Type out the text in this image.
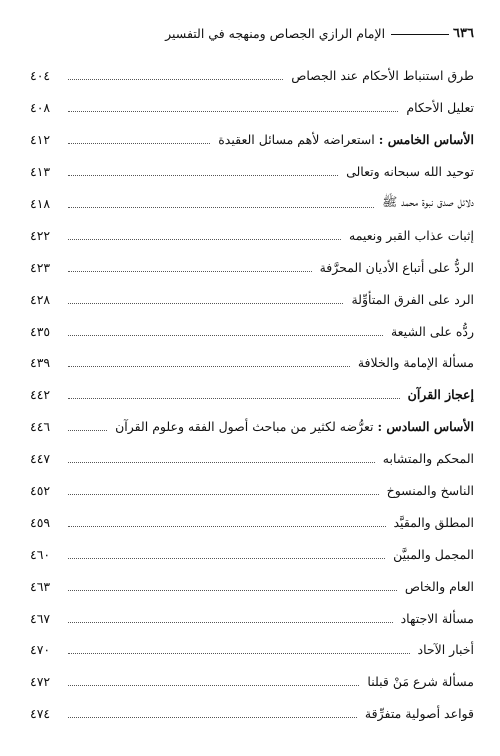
٦٣٦
الإمام الرازي الجصاص ومنهجه في التفسير
طرق استنباط الأحكام عند الجصاص
٤٠٤
تعليل الأحكام
٤٠٨
الأساس الخامس : استعراضه لأهم مسائل العقيدة
٤١٢
توحيد الله سبحانه وتعالى
٤١٣
دلائل صدق نبوة محمد ﷺ
٤١٨
إثبات عذاب القبر ونعيمه
٤٢٢
الردُّ على أتباع الأديان المحرَّفة
٤٢٣
الرد على الفرق المتأوِّلة
٤٢٨
ردُّه على الشيعة
٤٣٥
مسألة الإمامة والخلافة
٤٣٩
إعجاز القرآن
٤٤٢
الأساس السادس : تعرُّضه لكثير من مباحث أصول الفقه وعلوم القرآن
٤٤٦
المحكم والمتشابه
٤٤٧
الناسخ والمنسوخ
٤٥٢
المطلق والمقيَّد
٤٥٩
المجمل والمبيَّن
٤٦٠
العام والخاص
٤٦٣
مسألة الاجتهاد
٤٦٧
أخبار الآحاد
٤٧٠
مسألة شرع مَنْ قبلنا
٤٧٢
قواعد أصولية متفرِّقة
٤٧٤
